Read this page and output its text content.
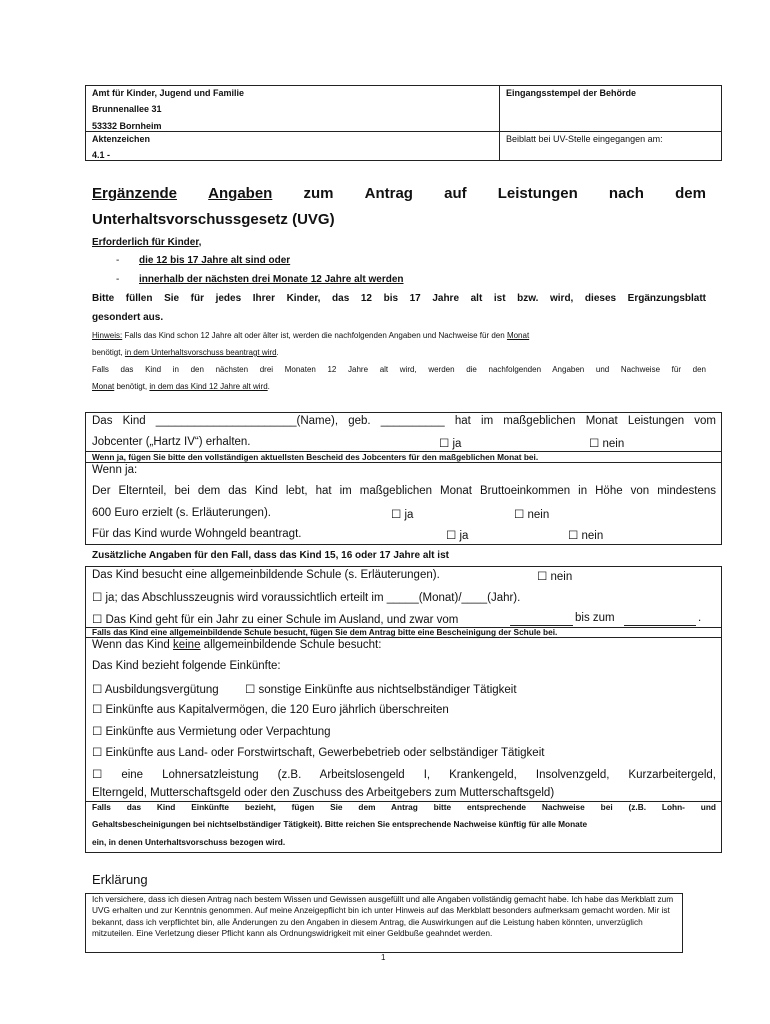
Amt für Kinder, Jugend und Familie
Brunnenallee 31
53332 Bornheim
Eingangsstempel der Behörde
Aktenzeichen
4.1 -
Beiblatt bei UV-Stelle eingegangen am:
Ergänzende Angaben zum Antrag auf Leistungen nach dem
Unterhaltsvorschussgesetz (UVG)
Erforderlich für Kinder,
- die 12 bis 17 Jahre alt sind oder
- innerhalb der nächsten drei Monate 12 Jahre alt werden
Bitte füllen Sie für jedes Ihrer Kinder, das 12 bis 17 Jahre alt ist bzw. wird, dieses Ergänzungsblatt
gesondert aus.
Hinweis: Falls das Kind schon 12 Jahre alt oder älter ist, werden die nachfolgenden Angaben und Nachweise für den Monat
benötigt, in dem Unterhaltsvorschuss beantragt wird.
Falls das Kind in den nächsten drei Monaten 12 Jahre alt wird, werden die nachfolgenden Angaben und Nachweise für den
Monat benötigt, in dem das Kind 12 Jahre alt wird.
Das Kind ______________________(Name), geb. __________ hat im maßgeblichen Monat Leistungen vom
Jobcenter („Hartz IV“) erhalten.	☐ ja	☐ nein
Wenn ja, fügen Sie bitte den vollständigen aktuellsten Bescheid des Jobcenters für den maßgeblichen Monat bei.
Wenn ja:
Der Elternteil, bei dem das Kind lebt, hat im maßgeblichen Monat Bruttoeinkommen in Höhe von mindestens
600 Euro erzielt (s. Erläuterungen).	☐ ja	☐ nein
Für das Kind wurde Wohngeld beantragt.	☐ ja	☐ nein
Zusätzliche Angaben für den Fall, dass das Kind 15, 16 oder 17 Jahre alt ist
Das Kind besucht eine allgemeinbildende Schule (s. Erläuterungen).	☐ nein
☐ ja; das Abschlusszeugnis wird voraussichtlich erteilt im _____(Monat)/____(Jahr).
☐ Das Kind geht für ein Jahr zu einer Schule im Ausland, und zwar vom	bis zum	.
Falls das Kind eine allgemeinbildende Schule besucht, fügen Sie dem Antrag bitte eine Bescheinigung der Schule bei.
Wenn das Kind keine allgemeinbildende Schule besucht:
Das Kind bezieht folgende Einkünfte:
☐ Ausbildungsvergütung ☐ sonstige Einkünfte aus nichtselbständiger Tätigkeit
☐ Einkünfte aus Kapitalvermögen, die 120 Euro jährlich überschreiten
☐ Einkünfte aus Vermietung oder Verpachtung
☐ Einkünfte aus Land- oder Forstwirtschaft, Gewerbebetrieb oder selbständiger Tätigkeit
☐ eine Lohnersatzleistung (z.B. Arbeitslosengeld I, Krankengeld, Insolvenzgeld, Kurzarbeitergeld,
Elterngeld, Mutterschaftsgeld oder den Zuschuss des Arbeitgebers zum Mutterschaftsgeld)
Falls das Kind Einkünfte bezieht, fügen Sie dem Antrag bitte entsprechende Nachweise bei (z.B. Lohn- und
Gehaltsbescheinigungen bei nichtselbständiger Tätigkeit). Bitte reichen Sie entsprechende Nachweise künftig für alle Monate
ein, in denen Unterhaltsvorschuss bezogen wird.
Erklärung
Ich versichere, dass ich diesen Antrag nach bestem Wissen und Gewissen ausgefüllt und alle Angaben vollständig gemacht habe. Ich habe das Merkblatt zum UVG erhalten und zur Kenntnis genommen. Auf meine Anzeigepflicht bin ich unter Hinweis auf das Merkblatt besonders aufmerksam gemacht worden. Mir ist bekannt, dass ich verpflichtet bin, alle Änderungen zu den Angaben in diesem Antrag, die Auswirkungen auf die Leistung haben könnten, unverzüglich mitzuteilen. Eine Verletzung dieser Pflicht kann als Ordnungswidrigkeit mit einer Geldbuße geahndet werden.
1
